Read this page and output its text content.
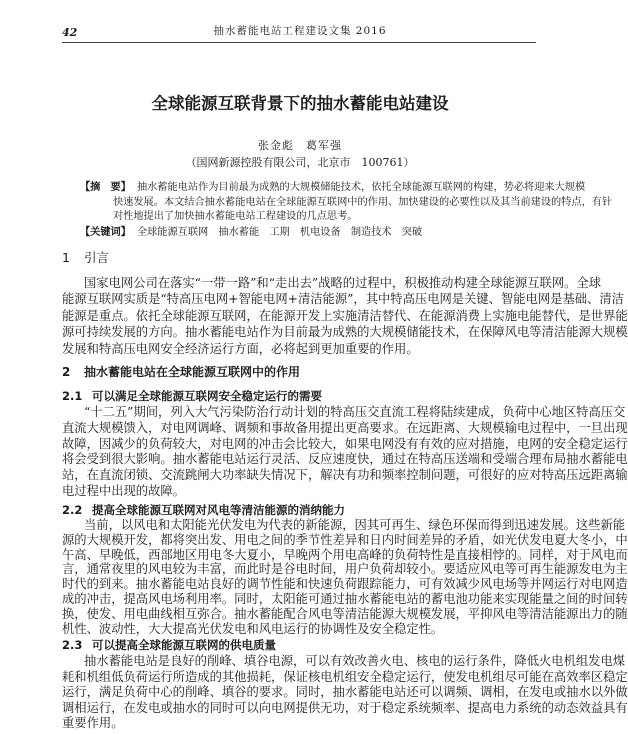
42	抽水蓄能电站工程建设文集 2016
全球能源互联背景下的抽水蓄能电站建设
张金彪　葛军强
（国网新源控股有限公司，北京市　100761）
【摘　要】 抽水蓄能电站作为目前最为成熟的大规模储能技术，依托全球能源互联网的构建，势必将迎来大规模
快速发展。本文结合抽水蓄能电站在全球能源互联网中的作用、加快建设的必要性以及其当前建设的特点，有针
对性地提出了加快抽水蓄能电站工程建设的几点思考。
【关键词】 全球能源互联网　抽水蓄能　工期　机电设备　制造技术　突破
1 引言
国家电网公司在落实“一带一路”和“走出去”战略的过程中，积极推动构建全球能源互联网。全球
能源互联网实质是“特高压电网+智能电网+清洁能源”，其中特高压电网是关键、智能电网是基础、清洁
能源是重点。依托全球能源互联网，在能源开发上实施清洁替代、在能源消费上实施电能替代，是世界能
源可持续发展的方向。抽水蓄能电站作为目前最为成熟的大规模储能技术，在保障风电等清洁能源大规模
发展和特高压电网安全经济运行方面，必将起到更加重要的作用。
2 抽水蓄能电站在全球能源互联网中的作用
2.1 可以满足全球能源互联网安全稳定运行的需要
“十二五”期间，列入大气污染防治行动计划的特高压交直流工程将陆续建成，负荷中心地区特高压交
直流大规模馈入，对电网调峰、调频和事故备用提出更高要求。在远距离、大规模输电过程中，一旦出现
故障，因减少的负荷较大，对电网的冲击会比较大，如果电网没有有效的应对措施，电网的安全稳定运行
将会受到很大影响。抽水蓄能电站运行灵活、反应速度快，通过在特高压送端和受端合理布局抽水蓄能电
站，在直流闭锁、交流跳闸大功率缺失情况下，解决有功和频率控制问题，可很好的应对特高压远距离输
电过程中出现的故障。
2.2 提高全球能源互联网对风电等清洁能源的消纳能力
当前，以风电和太阳能光伏发电为代表的新能源，因其可再生、绿色环保而得到迅速发展。这些新能
源的大规模开发，都将突出发、用电之间的季节性差异和日内时间差异的矛盾，如光伏发电夏大冬小，中
午高、早晚低，西部地区用电冬大夏小，早晚两个用电高峰的负荷特性是直接相悖的。同样，对于风电而
言，通常夜里的风电较为丰富，而此时是谷电时间，用户负荷却较小。要适应风电等可再生能源发电为主
时代的到来。抽水蓄能电站良好的调节性能和快速负荷跟踪能力，可有效减少风电场等并网运行对电网造
成的冲击，提高风电场利用率。同时，太阳能可通过抽水蓄能电站的蓄电池功能来实现能量之间的时间转
换，使发、用电曲线相互弥合。抽水蓄能配合风电等清洁能源大规模发展，平抑风电等清洁能源出力的随
机性、波动性，大大提高光伏发电和风电运行的协调性及安全稳定性。
2.3 可以提高全球能源互联网的供电质量
抽水蓄能电站是良好的削峰、填谷电源，可以有效改善火电、核电的运行条件，降低火电机组发电煤
耗和机组低负荷运行所造成的其他损耗，保证核电机组安全稳定运行，使发电机组尽可能在高效率区稳定
运行，满足负荷中心的削峰、填谷的要求。同时，抽水蓄能电站还可以调频、调相，在发电或抽水以外做
调相运行，在发电或抽水的同时可以向电网提供无功，对于稳定系统频率、提高电力系统的动态效益具有
重要作用。
